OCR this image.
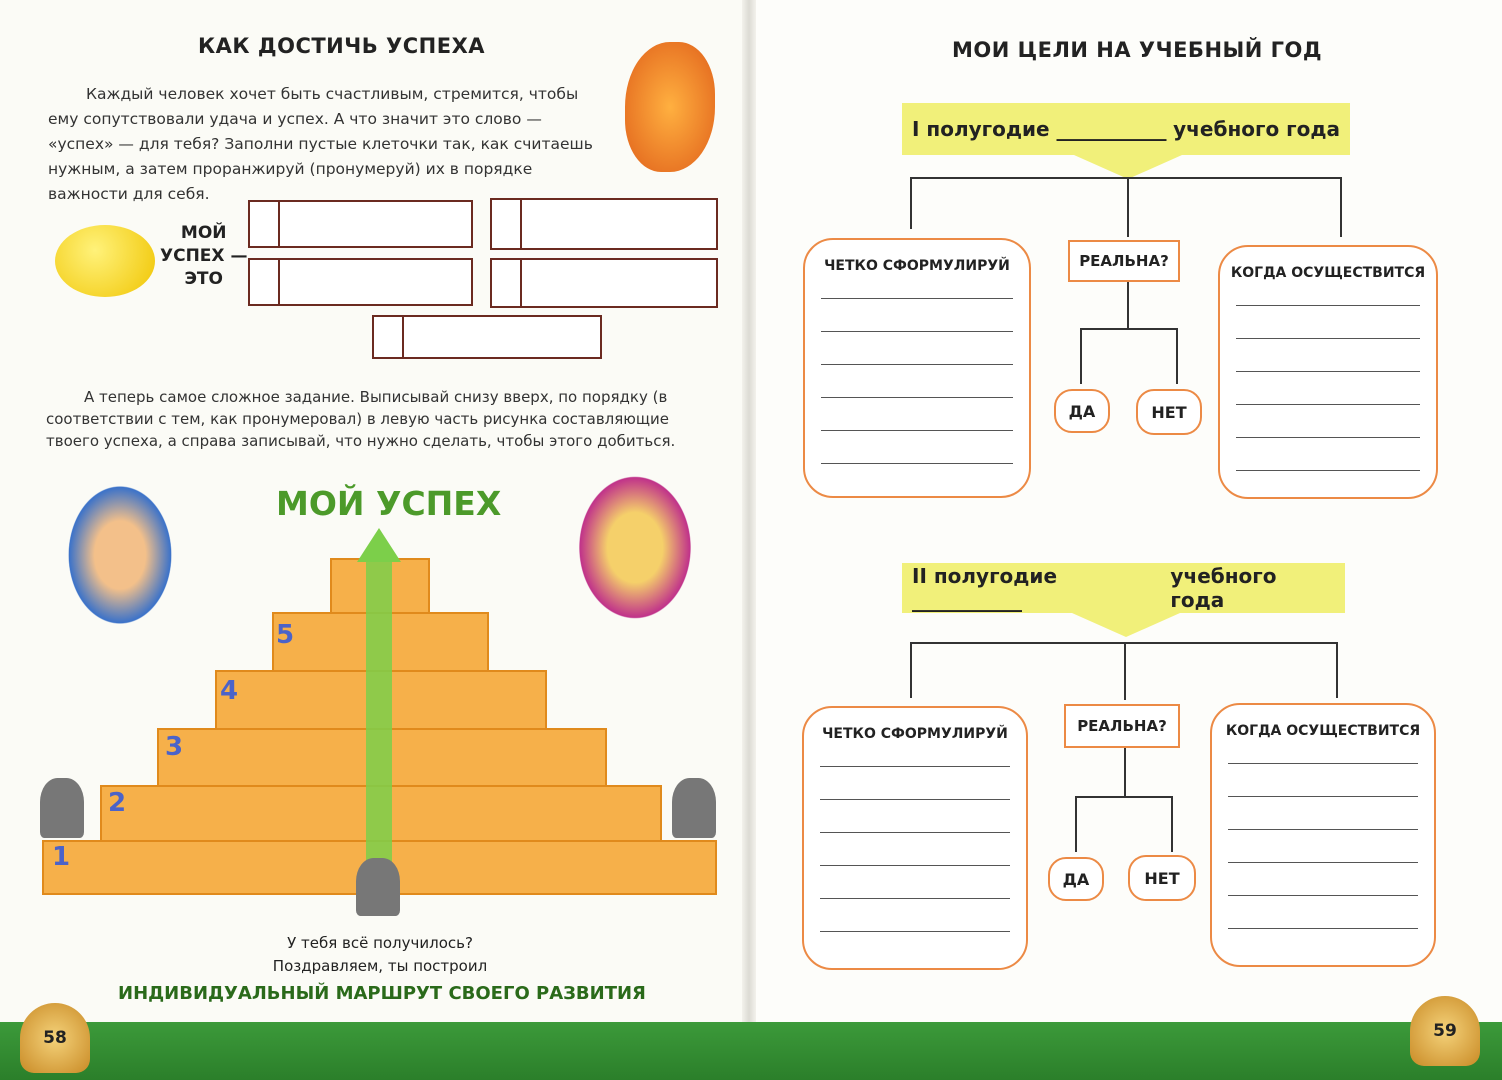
КАК ДОСТИЧЬ УСПЕХА

Каждый человек хочет быть счастливым, стремится, чтобы ему сопутствовали удача и успех. А что значит это слово — «успех» — для тебя? Заполни пустые клеточки так, как считаешь нужным, а затем проранжируй (пронумеруй) их в порядке важности для себя.

МОЙ
УСПЕХ —
ЭТО

А теперь самое сложное задание. Выписывай снизу вверх, по порядку (в соответствии с тем, как пронумеровал) в левую часть рисунка составляющие твоего успеха, а справа записывай, что нужно сделать, чтобы этого добиться.

МОЙ УСПЕХ
1
2
3
4
5
У тебя всё получилось?
Поздравляем, ты построил
ИНДИВИДУАЛЬНЫЙ МАРШРУТ СВОЕГО РАЗВИТИЯ
58
МОИ ЦЕЛИ НА УЧЕБНЫЙ ГОД
I полугодие ___________ учебного года
ЧЕТКО СФОРМУЛИРУЙ	РЕАЛЬНА?
ДА	НЕТ
КОГДА ОСУЩЕСТВИТСЯ
II полугодие ___________
учебного года
ЧЕТКО СФОРМУЛИРУЙ	РЕАЛЬНА?
ДА	НЕТ
КОГДА ОСУЩЕСТВИТСЯ
59
